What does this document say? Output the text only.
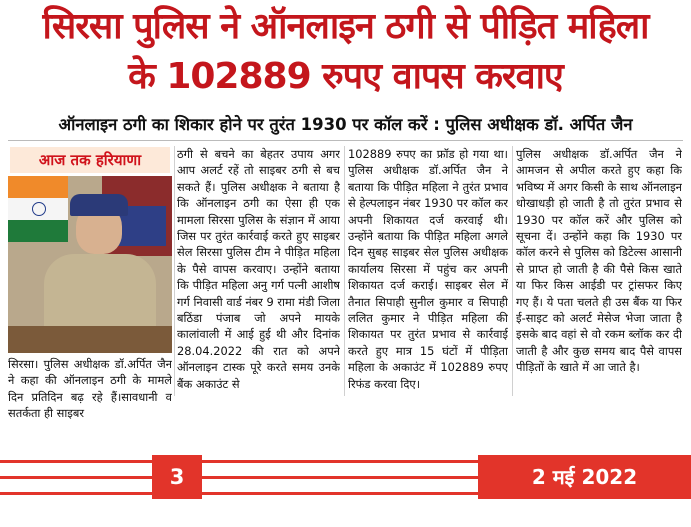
सिरसा पुलिस ने ऑनलाइन ठगी से पीड़ित महिला
के 102889 रुपए वापस करवाए
ऑनलाइन ठगी का शिकार होने पर तुरंत 1930 पर कॉल करें : पुलिस अधीक्षक डॉ. अर्पित जैन
आज तक हरियाणा
सिरसा। पुलिस अधीक्षक डॉ.अर्पित जैन ने कहा की ऑनलाइन ठगी के मामले दिन प्रतिदिन बढ़ रहे हैं।सावधानी व सतर्कता ही साइबर
ठगी से बचने का बेहतर उपाय अगर आप अलर्ट रहें तो साइबर ठगी से बच सकते हैं। पुलिस अधीक्षक ने बताया है कि ऑनलाइन ठगी का ऐसा ही एक मामला सिरसा पुलिस के संज्ञान में आया जिस पर तुरंत कार्रवाई करते हुए साइबर सेल सिरसा पुलिस टीम ने पीड़ित महिला के पैसे वापस करवाए। उन्होंने बताया कि पीड़ित महिला अनु गर्ग पत्नी आशीष गर्ग निवासी वार्ड नंबर 9 रामा मंडी जिला बठिंडा पंजाब जो अपने मायके कालांवाली में आई हुई थी और दिनांक 28.04.2022 की रात को अपने ऑनलाइन टास्क पूरे करते समय उनके बैंक अकाउंट से
102889 रुपए का फ्रॉड हो गया था। पुलिस अधीक्षक डॉ.अर्पित जैन ने बताया कि पीड़ित महिला ने तुरंत प्रभाव से हेल्पलाइन नंबर 1930 पर कॉल कर अपनी शिकायत दर्ज करवाई थी। उन्होंने बताया कि पीड़ित महिला अगले दिन सुबह साइबर सेल पुलिस अधीक्षक कार्यालय सिरसा में पहुंच कर अपनी शिकायत दर्ज कराई। साइबर सेल में तैनात सिपाही सुनील कुमार व सिपाही ललित कुमार ने पीड़ित महिला की शिकायत पर तुरंत प्रभाव से कार्रवाई करते हुए मात्र 15 घंटों में पीड़िता महिला के अकाउंट में 102889 रुपए रिफंड करवा दिए।
पुलिस अधीक्षक डॉ.अर्पित जैन ने आमजन से अपील करते हुए कहा कि भविष्य में अगर किसी के साथ ऑनलाइन धोखाधड़ी हो जाती है तो तुरंत प्रभाव से 1930 पर कॉल करें और पुलिस को सूचना दें। उन्होंने कहा कि 1930 पर कॉल करने से पुलिस को डिटेल्स आसानी से प्राप्त हो जाती है की पैसे किस खाते या फिर किस आईडी पर ट्रांसफर किए गए हैं। ये पता चलते ही उस बैंक या फिर ई-साइट को अलर्ट मेसेज भेजा जाता है इसके बाद वहां से वो रकम ब्लॉक कर दी जाती है और कुछ समय बाद पैसे वापस पीड़ितों के खाते में आ जाते है।
3	2 मई 2022
